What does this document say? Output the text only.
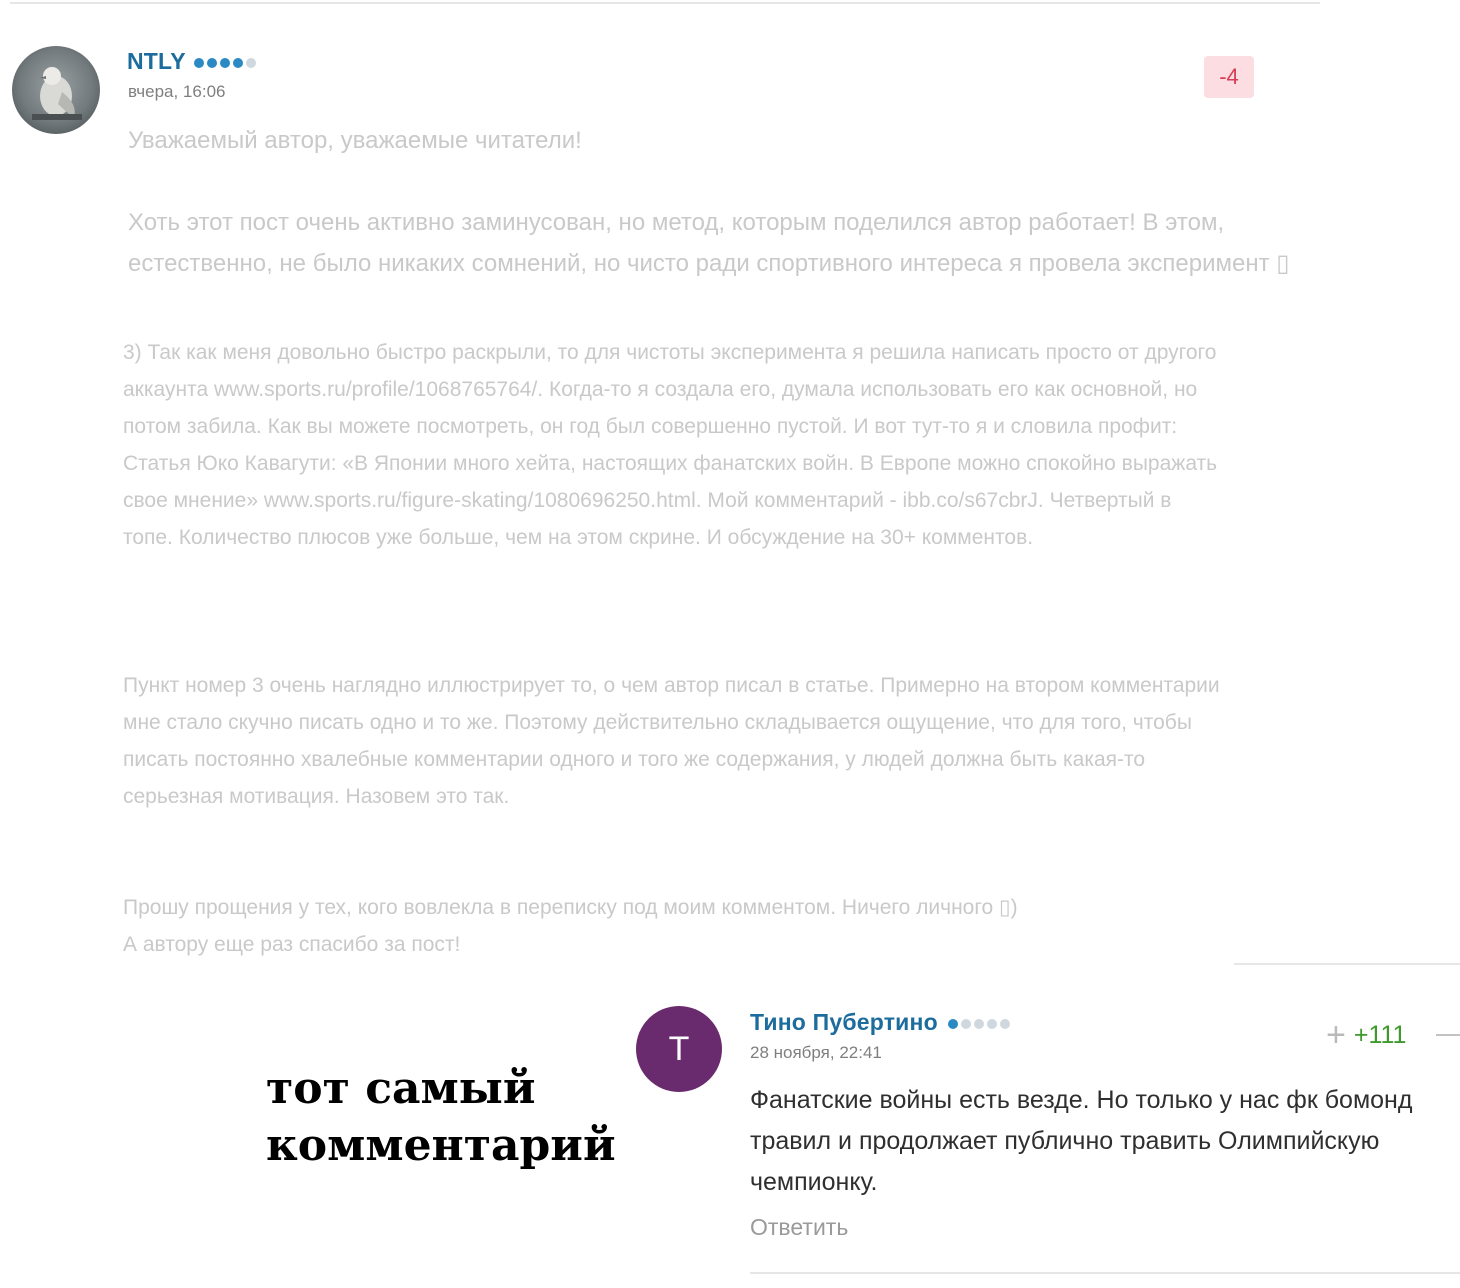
NTLY
вчера, 16:06
-4
Уважаемый автор, уважаемые читатели!
Хоть этот пост очень активно заминусован, но метод, которым поделился автор работает! В этом, естественно, не было никаких сомнений, но чисто ради спортивного интереса я провела эксперимент ▯
3) Так как меня довольно быстро раскрыли, то для чистоты эксперимента я решила написать просто от другого аккаунта www.sports.ru/profile/1068765764/. Когда-то я создала его, думала использовать его как основной, но потом забила. Как вы можете посмотреть, он год был совершенно пустой. И вот тут-то я и словила профит:
Статья Юко Кавагути: «В Японии много хейта, настоящих фанатских войн. В Европе можно спокойно выражать свое мнение» www.sports.ru/figure-skating/1080696250.html. Мой комментарий - ibb.co/s67cbrJ. Четвертый в топе. Количество плюсов уже больше, чем на этом скрине. И обсуждение на 30+ комментов.
Пункт номер 3 очень наглядно иллюстрирует то, о чем автор писал в статье. Примерно на втором комментарии мне стало скучно писать одно и то же. Поэтому действительно складывается ощущение, что для того, чтобы писать постоянно хвалебные комментарии одного и того же содержания, у людей должна быть какая-то серьезная мотивация. Назовем это так.
Прошу прощения у тех, кого вовлекла в переписку под моим комментом. Ничего личного ▯)
А автору еще раз спасибо за пост!
тот самый
комментарий
Т
Тино Пубертино
28 ноября, 22:41	+ +111
Фанатские войны есть везде. Но только у нас фк бомонд травил и продолжает публично травить Олимпийскую чемпионку.
Ответить
